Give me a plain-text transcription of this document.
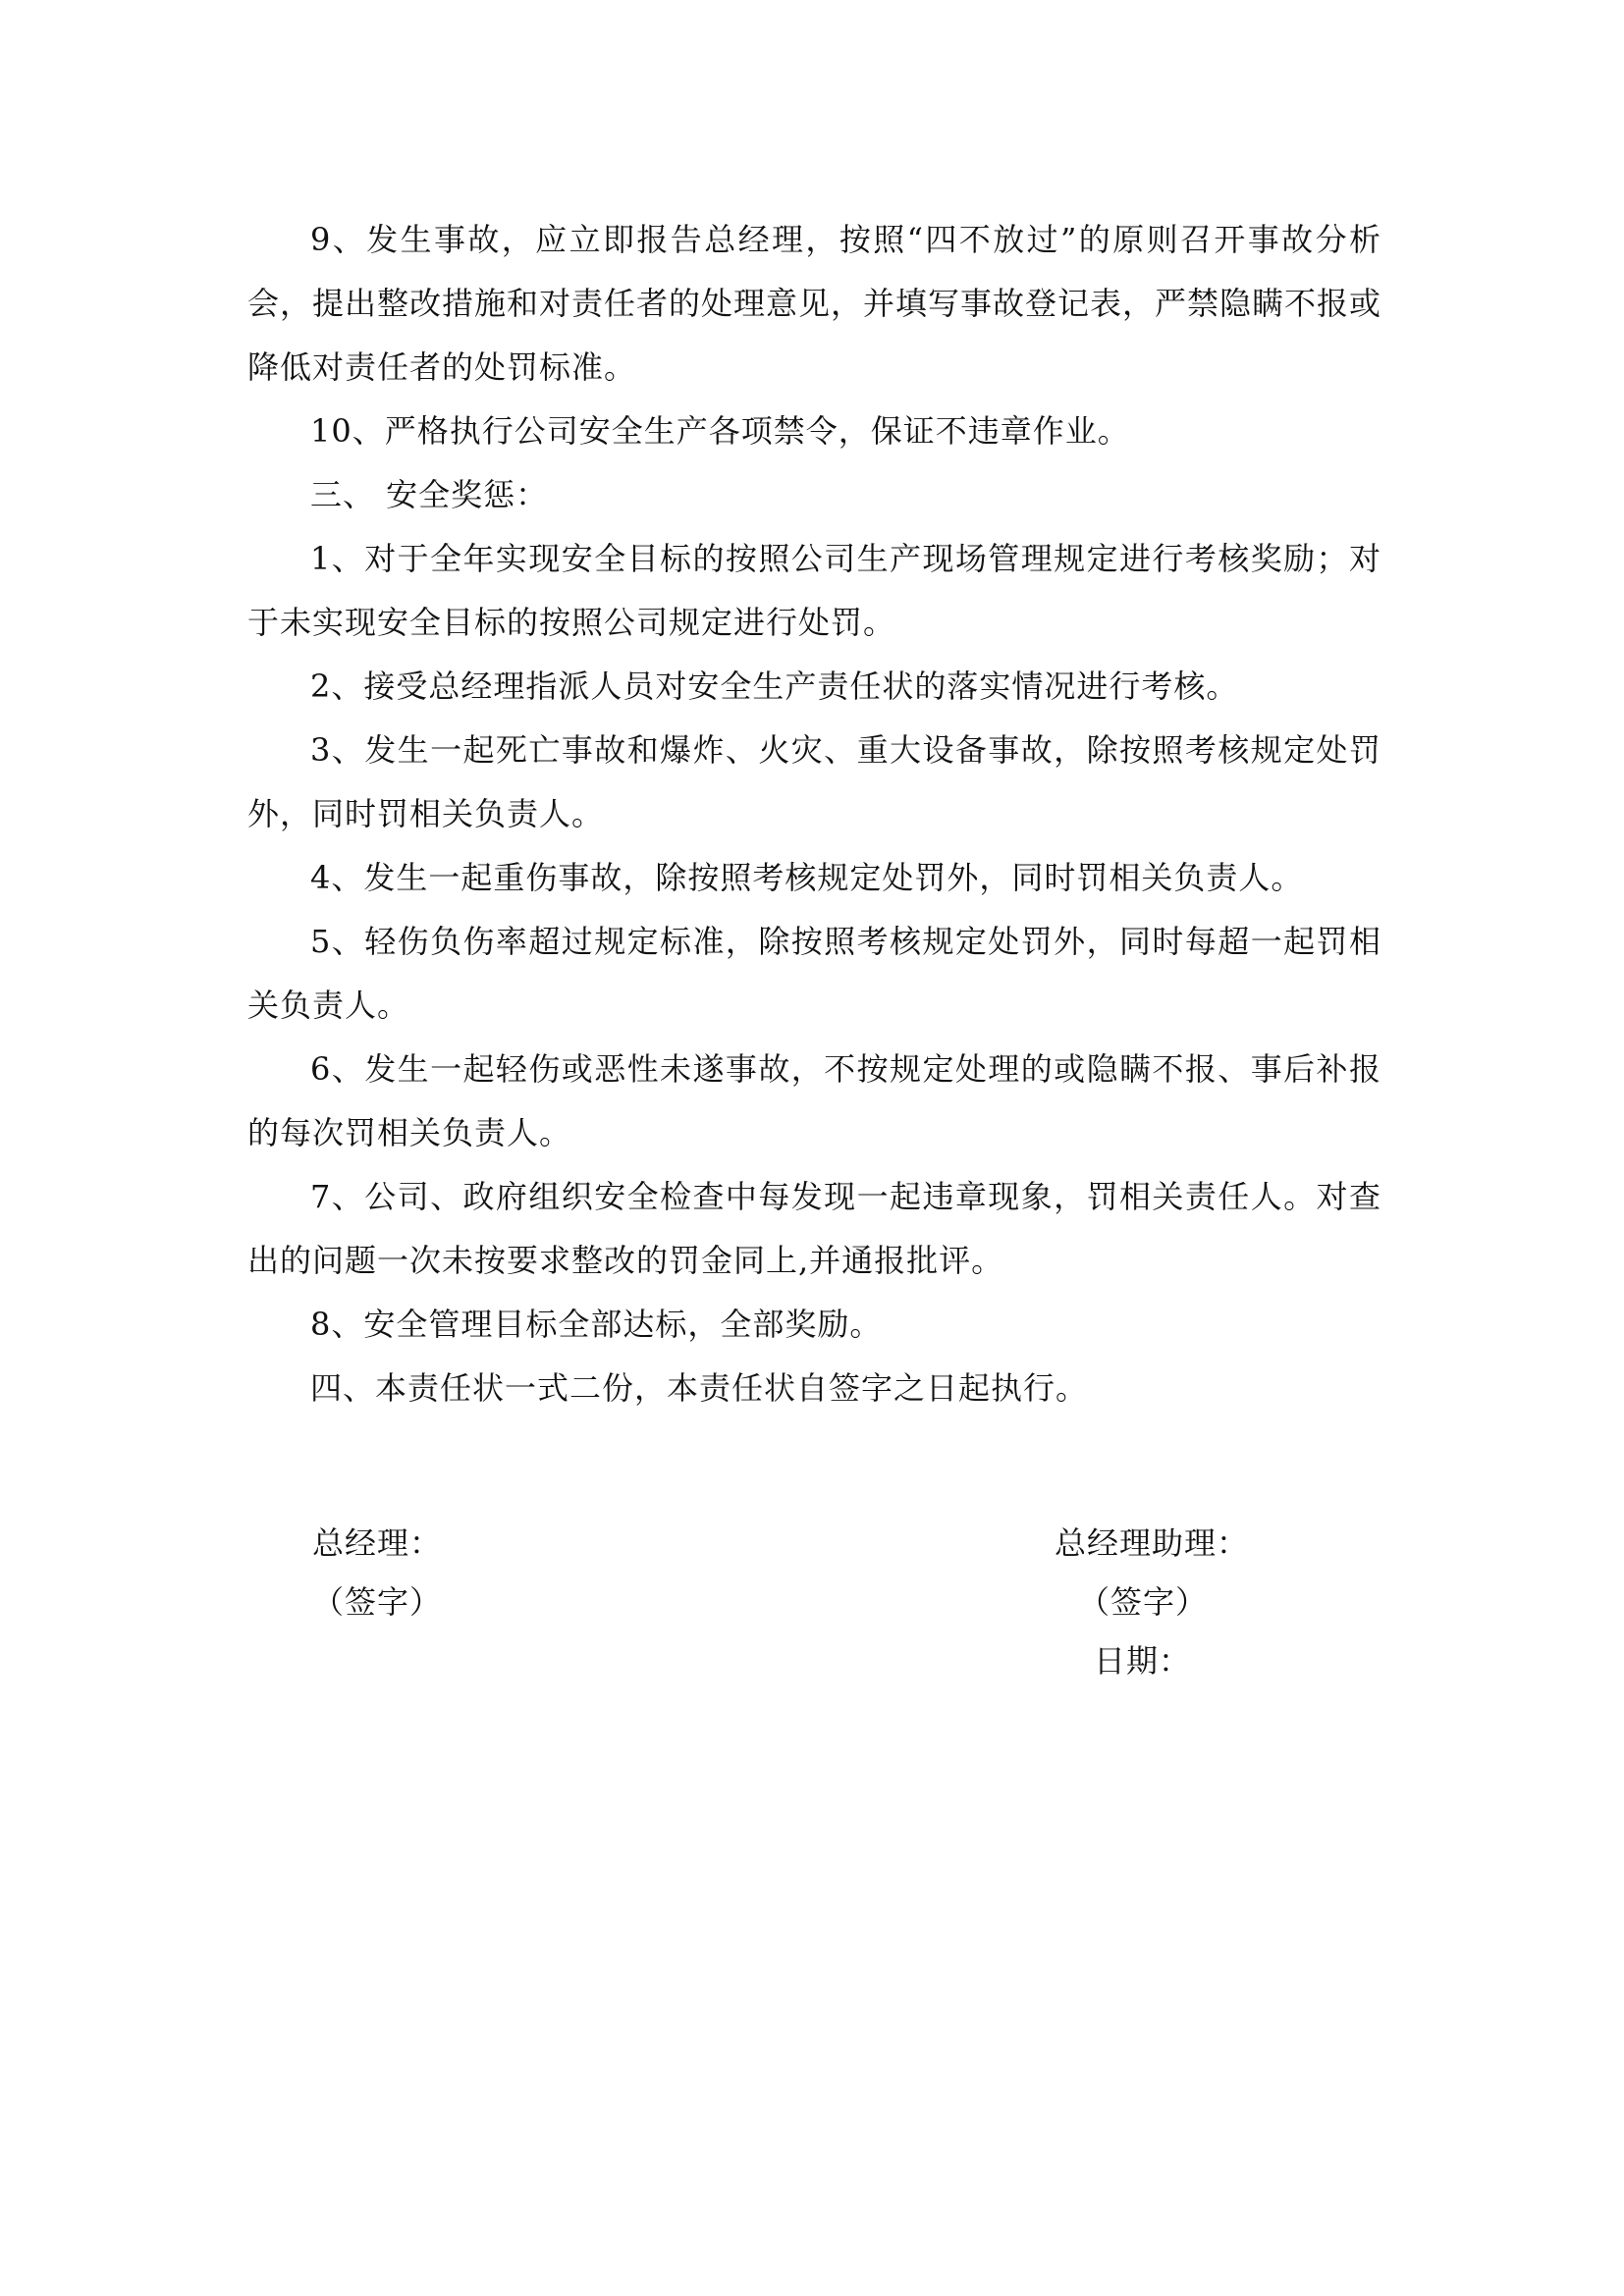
9、发生事故，应立即报告总经理，按照“四不放过”的原则召开事故分析会，提出整改措施和对责任者的处理意见，并填写事故登记表，严禁隐瞒不报或降低对责任者的处罚标准。

10、严格执行公司安全生产各项禁令，保证不违章作业。

三、 安全奖惩：

1、对于全年实现安全目标的按照公司生产现场管理规定进行考核奖励；对于未实现安全目标的按照公司规定进行处罚。

2、接受总经理指派人员对安全生产责任状的落实情况进行考核。

3、发生一起死亡事故和爆炸、火灾、重大设备事故，除按照考核规定处罚外，同时罚相关负责人。

4、发生一起重伤事故，除按照考核规定处罚外，同时罚相关负责人。

5、轻伤负伤率超过规定标准，除按照考核规定处罚外，同时每超一起罚相关负责人。

6、发生一起轻伤或恶性未遂事故，不按规定处理的或隐瞒不报、事后补报的每次罚相关负责人。

7、公司、政府组织安全检查中每发现一起违章现象，罚相关责任人。对查出的问题一次未按要求整改的罚金同上,并通报批评。

8、安全管理目标全部达标，全部奖励。

四、本责任状一式二份，本责任状自签字之日起执行。

总经理：
（签字）
总经理助理：
（签字）
日期：
